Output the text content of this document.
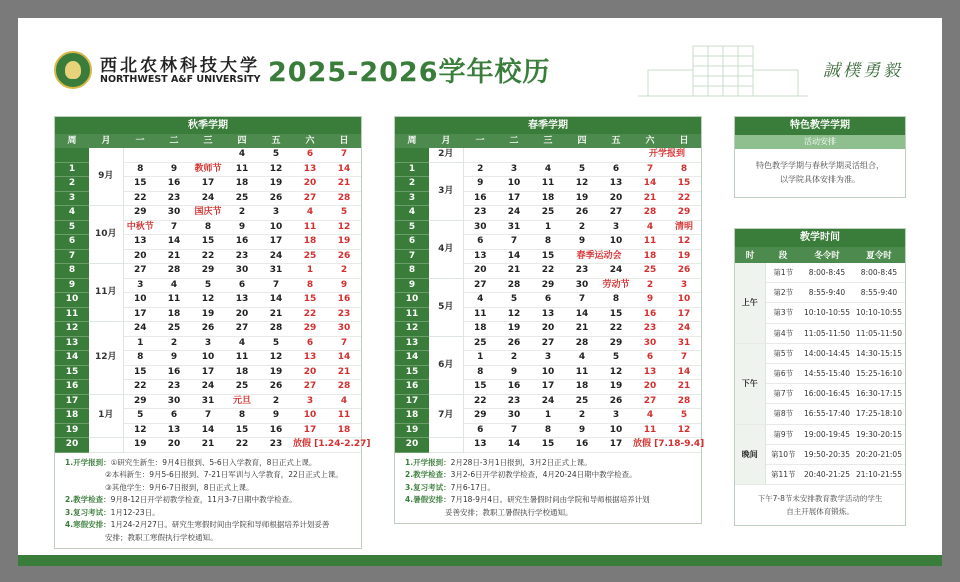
西北农林科技大学
NORTHWEST A&F UNIVERSITY 2025-2026学年校历	誠樸勇毅
秋季学期
周	月	一	二	三	四	五	六	日
	9月				4	5	6	7
1		8	9	教师节	11	12	13	14
2		15	16	17	18	19	20	21
3		22	23	24	25	26	27	28
4	10月	29	30	国庆节	2	3	4	5
5		中秋节	7	8	9	10	11	12
6		13	14	15	16	17	18	19
7		20	21	22	23	24	25	26
8	11月	27	28	29	30	31	1	2
9		3	4	5	6	7	8	9
10		10	11	12	13	14	15	16
11		17	18	19	20	21	22	23
12	12月	24	25	26	27	28	29	30
13		1	2	3	4	5	6	7
14		8	9	10	11	12	13	14
15		15	16	17	18	19	20	21
16		22	23	24	25	26	27	28
17	1月	29	30	31	元旦	2	3	4
18		5	6	7	8	9	10	11
19		12	13	14	15	16	17	18
20		19	20	21	22	23	放假 [1.24-2.27]	
1.开学报到：①研究生新生：9月4日报到、5-6日入学教育，8日正式上课。
②本科新生：9月5-6日报到、7-21日军训与入学教育，22日正式上课。
③其他学生：9月6-7日报到，8日正式上课。
2.教学检查：9月8-12日开学初教学检查，11月3-7日期中教学检查。
3.复习考试：1月12-23日。
4.寒假安排：1月24-2月27日。研究生寒假时间由学院和导师根据培养计划妥善
安排；教职工寒假执行学校通知。
春季学期
周	月	一	二	三	四	五	六	日
	2月						开学报到	
1	3月	2	3	4	5	6	7	8
2		9	10	11	12	13	14	15
3		16	17	18	19	20	21	22
4		23	24	25	26	27	28	29
5	4月	30	31	1	2	3	4	清明
6		6	7	8	9	10	11	12
7		13	14	15	春季运动会		18	19
8		20	21	22	23	24	25	26
9	5月	27	28	29	30	劳动节	2	3
10		4	5	6	7	8	9	10
11		11	12	13	14	15	16	17
12		18	19	20	21	22	23	24
13	6月	25	26	27	28	29	30	31
14		1	2	3	4	5	6	7
15		8	9	10	11	12	13	14
16		15	16	17	18	19	20	21
17	7月	22	23	24	25	26	27	28
18		29	30	1	2	3	4	5
19		6	7	8	9	10	11	12
20		13	14	15	16	17	放假 [7.18-9.4]	
1.开学报到：2月28日-3月1日报到，3月2日正式上课。
2.教学检查：3月2-6日开学初教学检查，4月20-24日期中教学检查。
3.复习考试：7月6-17日。
4.暑假安排：7月18-9月4日。研究生暑假时间由学院和导师根据培养计划
妥善安排；教职工暑假执行学校通知。
特色教学学期
活动安排
特色教学学期与春秋学期灵活组合，
以学院具体安排为准。
教学时间
时	段	冬令时	夏令时
上午	第1节	8:00-8:45	8:00-8:45
	第2节	8:55-9:40	8:55-9:40
	第3节	10:10-10:55	10:10-10:55
	第4节	11:05-11:50	11:05-11:50
下午	第5节	14:00-14:45	14:30-15:15
	第6节	14:55-15:40	15:25-16:10
	第7节	16:00-16:45	16:30-17:15
	第8节	16:55-17:40	17:25-18:10
晚间	第9节	19:00-19:45	19:30-20:15
	第10节	19:50-20:35	20:20-21:05
	第11节	20:40-21:25	21:10-21:55
下午7-8节未安排教育教学活动的学生
自主开展体育锻炼。
